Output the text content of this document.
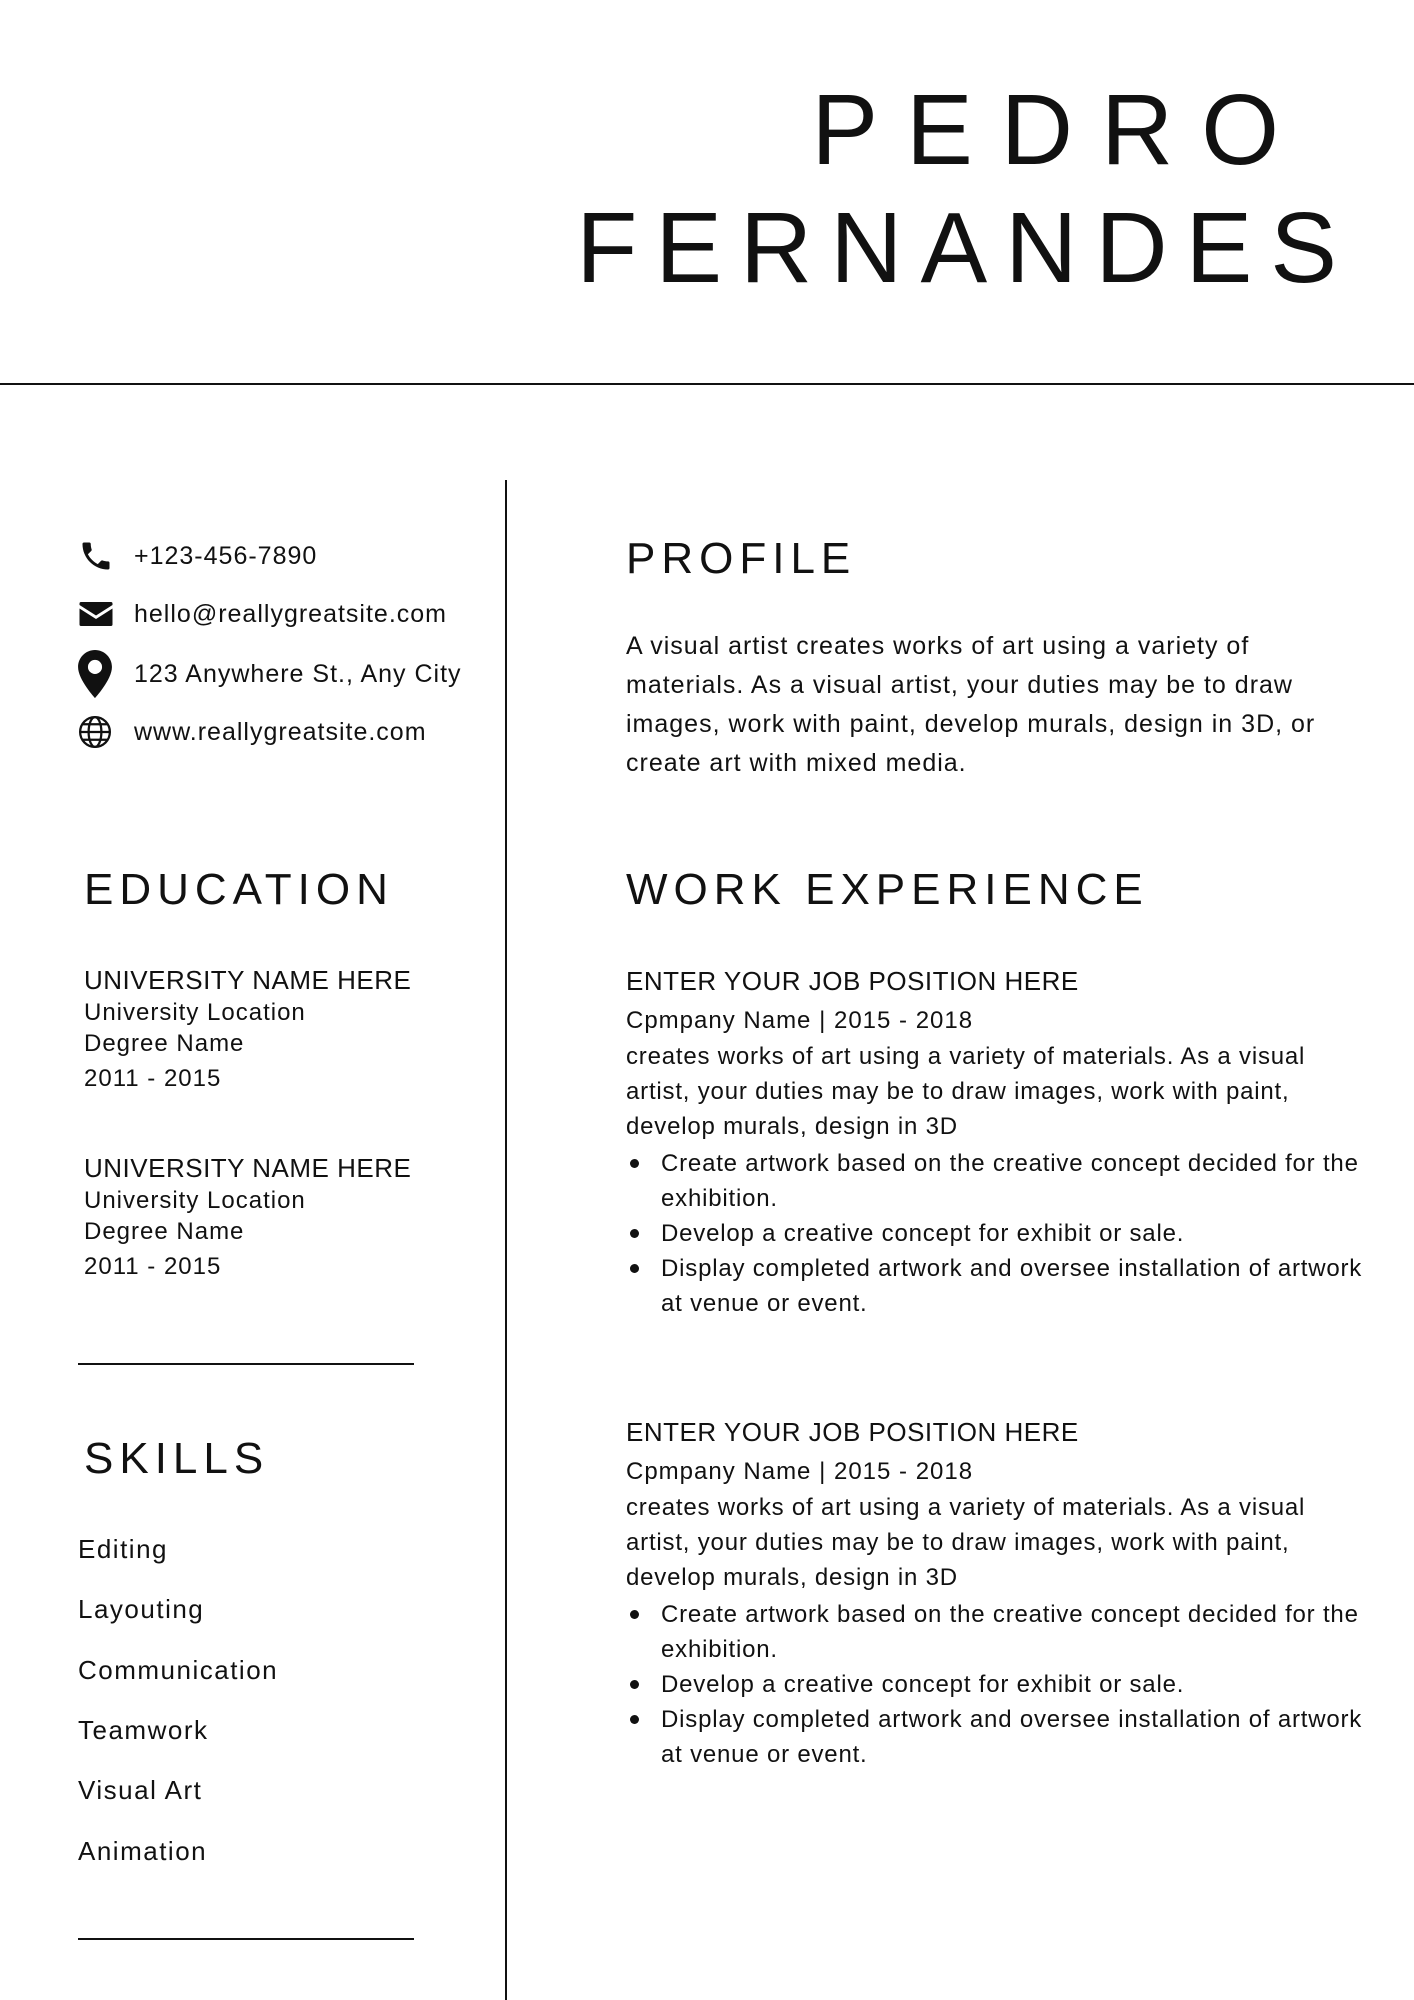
PEDRO
FERNANDES
+123-456-7890
hello@reallygreatsite.com
123 Anywhere St., Any City
www.reallygreatsite.com
EDUCATION
UNIVERSITY NAME HERE
University Location
Degree Name
2011 - 2015
UNIVERSITY NAME HERE
University Location
Degree Name
2011 - 2015
SKILLS
Editing
Layouting
Communication
Teamwork
Visual Art
Animation
PROFILE
A visual artist creates works of art using a variety of materials. As a visual artist, your duties may be to draw images, work with paint, develop murals, design in 3D, or create art with mixed media.
WORK EXPERIENCE
ENTER YOUR JOB POSITION HERE
Cpmpany Name | 2015 - 2018
creates works of art using a variety of materials. As a visual artist, your duties may be to draw images, work with paint, develop murals, design in 3D
Create artwork based on the creative concept decided for the exhibition.
Develop a creative concept for exhibit or sale.
Display completed artwork and oversee installation of artwork at venue or event.
ENTER YOUR JOB POSITION HERE
Cpmpany Name | 2015 - 2018
creates works of art using a variety of materials. As a visual artist, your duties may be to draw images, work with paint, develop murals, design in 3D
Create artwork based on the creative concept decided for the exhibition.
Develop a creative concept for exhibit or sale.
Display completed artwork and oversee installation of artwork at venue or event.
